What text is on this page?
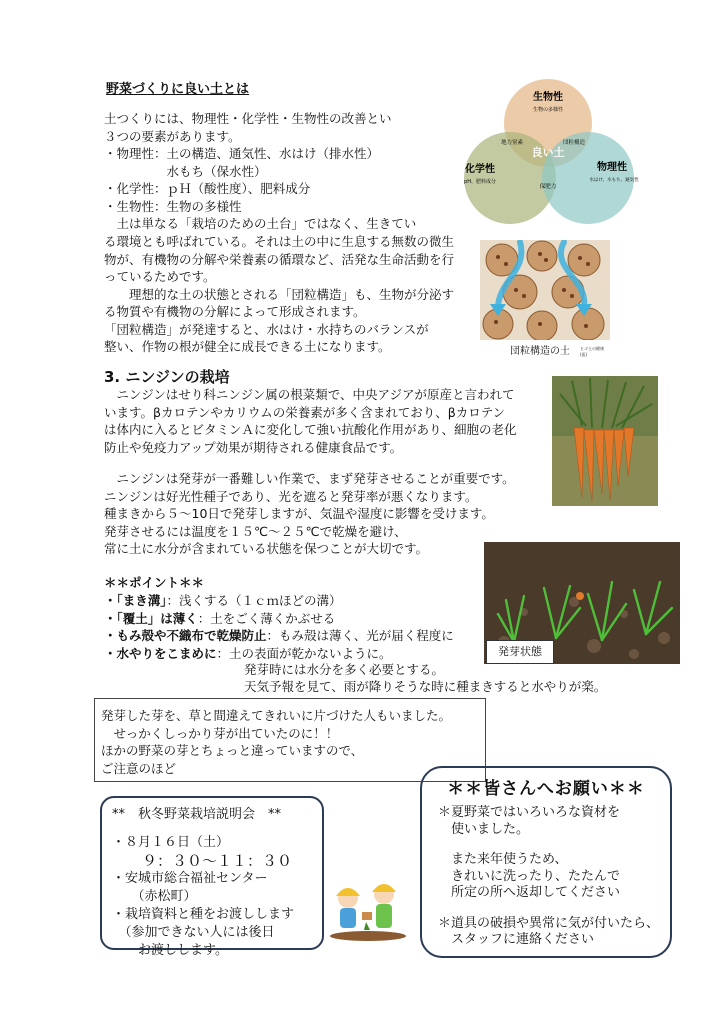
野菜づくりに良い土とは
土つくりには、物理性・化学性・生物性の改善とい
３つの要素があります。
・物理性：土の構造、通気性、水はけ（排水性）
　　　　　水もち（保水性）
・化学性：ｐＨ（酸性度）、肥料成分
・生物性：生物の多様性
　土は単なる「栽培のための土台」ではなく、生きてい
る環境とも呼ばれている。それは土の中に生息する無数の微生
物が、有機物の分解や栄養素の循環など、活発な生命活動を行
っているためです。
　　理想的な土の状態とされる「団粒構造」も、生物が分泌す
る物質や有機物の分解によって形成されます。
「団粒構造」が発達すると、水はけ・水持ちのバランスが
整い、作物の根が健全に成長できる土になります。
生物性
生物の多様性
化学性
pH、肥料成分
物理性
水はけ、水もち、通気性
地力窒素	団粒構造
良い土
保肥力
団粒構造の土	ヒゴ土の健康(仮)
3. ニンジンの栽培
　ニンジンはせり科ニンジン属の根菜類で、中央アジアが原産と言われて
います。βカロテンやカリウムの栄養素が多く含まれており、βカロテン
は体内に入るとビタミンＡに変化して強い抗酸化作用があり、細胞の老化
防止や免疫力アップ効果が期待される健康食品です。
　ニンジンは発芽が一番難しい作業で、まず発芽させることが重要です。
ニンジンは好光性種子であり、光を遮ると発芽率が悪くなります。
種まきから５〜10日で発芽しますが、気温や湿度に影響を受けます。
発芽させるには温度を１５℃〜２５℃で乾燥を避け、
常に土に水分が含まれている状態を保つことが大切です。
＊＊ポイント＊＊
・「まき溝」：浅くする（１ｃｍほどの溝）
・「覆土」は薄く：土をごく薄くかぶせる
・もみ殻や不織布で乾燥防止：もみ殻は薄く、光が届く程度に
・水やりをこまめに：土の表面が乾かないように。
発芽時には水分を多く必要とする。
天気予報を見て、雨が降りそうな時に種まきすると水やりが楽。
発芽状態
発芽した芽を、草と間違えてきれいに片づけた人もいました。
　せっかくしっかり芽が出ていたのに！！
ほかの野菜の芽とちょっと違っていますので、
ご注意のほど
**　秋冬野菜栽培説明会　**
・８月１６日（土）
　　９：３０〜１１：３０
・安城市総合福祉センター
　　（赤松町）
・栽培資料と種をお渡しします
　（参加できない人には後日
　　お渡しします。
＊＊皆さんへお願い＊＊
＊夏野菜ではいろいろな資材を
　使いました。
　また来年使うため、
　きれいに洗ったり、たたんで
　所定の所へ返却してください
＊道具の破損や異常に気が付いたら、
　スタッフに連絡ください
